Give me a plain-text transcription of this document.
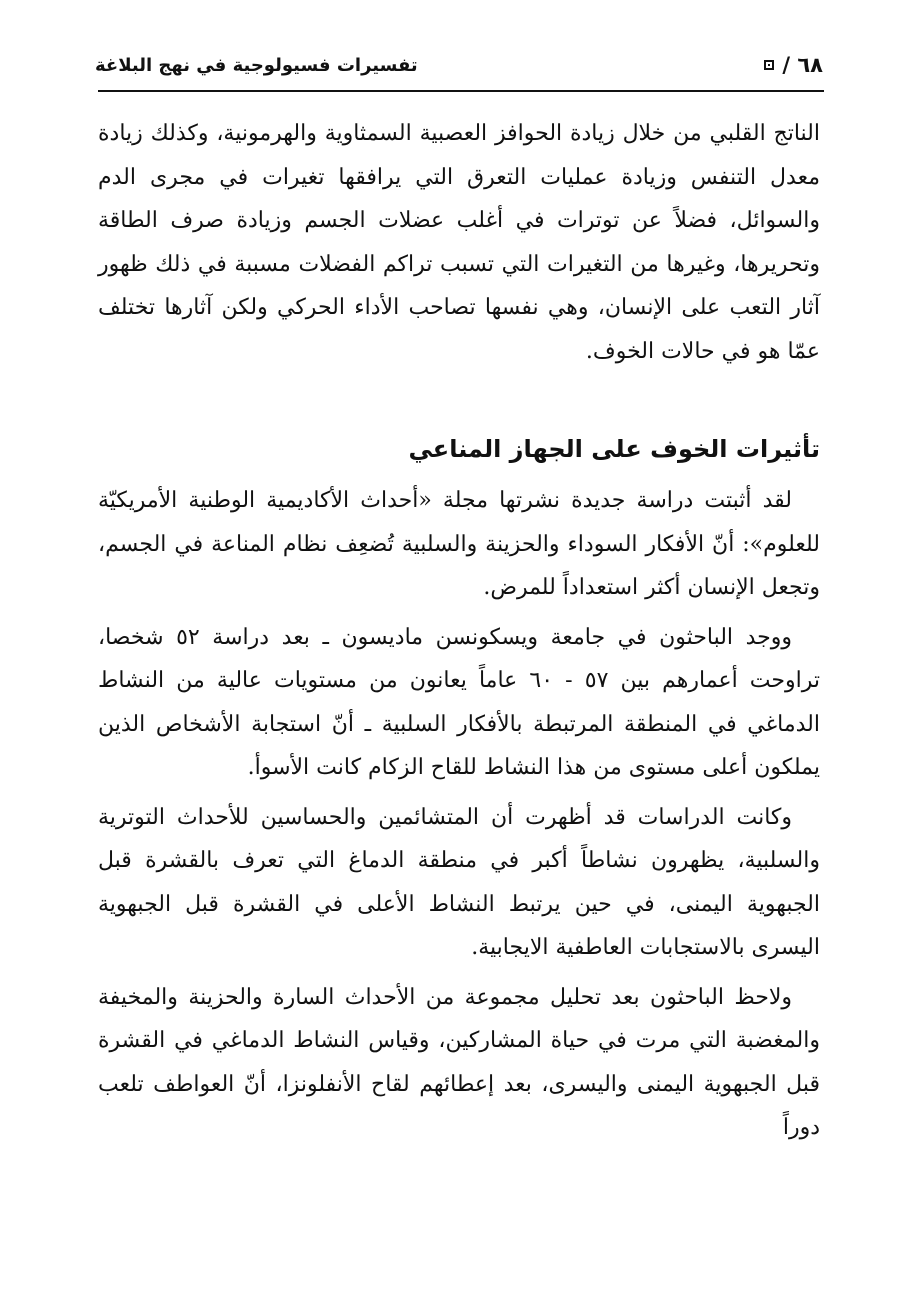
٦٨ /
تفسيرات فسيولوجية في نهج البلاغة

الناتج القلبي من خلال زيادة الحوافز العصبية السمثاوية والهرمونية، وكذلك زيادة معدل التنفس وزيادة عمليات التعرق التي يرافقها تغيرات في مجرى الدم والسوائل، فضلاً عن توترات في أغلب عضلات الجسم وزيادة صرف الطاقة وتحريرها، وغيرها من التغيرات التي تسبب تراكم الفضلات مسببة في ذلك ظهور آثار التعب على الإنسان، وهي نفسها تصاحب الأداء الحركي ولكن آثارها تختلف عمّا هو في حالات الخوف.

تأثيرات الخوف على الجهاز المناعي

لقد أثبتت دراسة جديدة نشرتها مجلة «أحداث الأكاديمية الوطنية الأمريكيّة للعلوم»: أنّ الأفكار السوداء والحزينة والسلبية تُضعِف نظام المناعة في الجسم، وتجعل الإنسان أكثر استعداداً للمرض.

ووجد الباحثون في جامعة ويسكونسن ماديسون ـ بعد دراسة ٥٢ شخصا، تراوحت أعمارهم بين ٥٧ - ٦٠ عاماً يعانون من مستويات عالية من النشاط الدماغي في المنطقة المرتبطة بالأفكار السلبية ـ أنّ استجابة الأشخاص الذين يملكون أعلى مستوى من هذا النشاط للقاح الزكام كانت الأسوأ.

وكانت الدراسات قد أظهرت أن المتشائمين والحساسين للأحداث التوترية والسلبية، يظهرون نشاطاً أكبر في منطقة الدماغ التي تعرف بالقشرة قبل الجبهوية اليمنى، في حين يرتبط النشاط الأعلى في القشرة قبل الجبهوية اليسرى بالاستجابات العاطفية الايجابية.

ولاحظ الباحثون بعد تحليل مجموعة من الأحداث السارة والحزينة والمخيفة والمغضبة التي مرت في حياة المشاركين، وقياس النشاط الدماغي في القشرة قبل الجبهوية اليمنى واليسرى، بعد إعطائهم لقاح الأنفلونزا، أنّ العواطف تلعب دوراً
